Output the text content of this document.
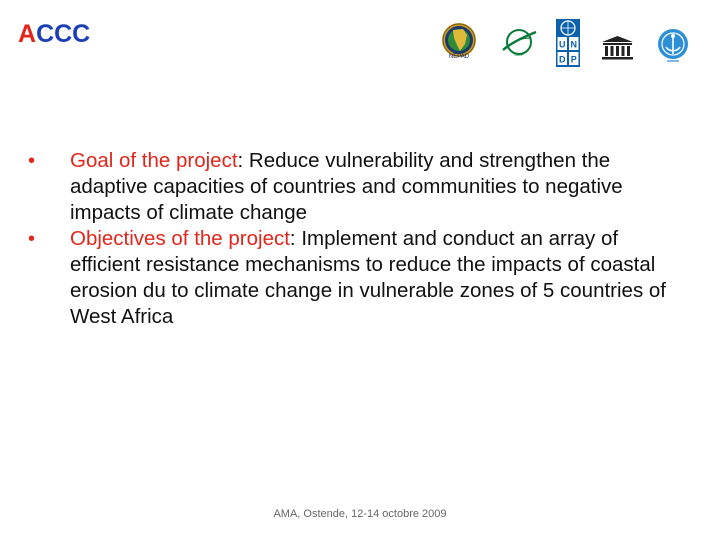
ACCC	U N
D P
NEPAD	GEF

•	Goal of the project: Reduce vulnerability and strengthen the adaptive capacities of countries and communities to negative impacts of climate change

•	Objectives of the project: Implement and conduct an array of efficient resistance mechanisms to reduce the impacts of coastal erosion du to climate change in vulnerable zones of 5 countries of West Africa

AMA, Ostende, 12-14 octobre 2009
